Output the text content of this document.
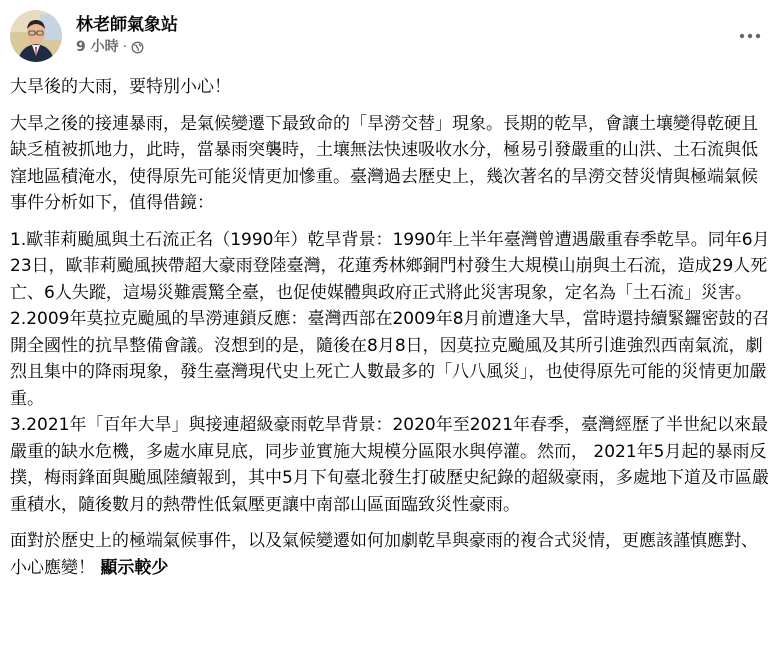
林老師氣象站
9 小時 ·

大旱後的大雨，要特別小心！

大旱之後的接連暴雨，是氣候變遷下最致命的「旱澇交替」現象。長期的乾旱，會讓土壤變得乾硬且缺乏植被抓地力，此時，當暴雨突襲時，土壤無法快速吸收水分，極易引發嚴重的山洪、土石流與低窪地區積淹水，使得原先可能災情更加慘重。臺灣過去歷史上，幾次著名的旱澇交替災情與極端氣候事件分析如下，值得借鏡：

1.歐菲莉颱風與土石流正名（1990年）乾旱背景：1990年上半年臺灣曾遭遇嚴重春季乾旱。同年6月23日，歐菲莉颱風挾帶超大豪雨登陸臺灣，花蓮秀林鄉銅門村發生大規模山崩與土石流，造成29人死亡、6人失蹤，這場災難震驚全臺，也促使媒體與政府正式將此災害現象，定名為「土石流」災害。

2.2009年莫拉克颱風的旱澇連鎖反應：臺灣西部在2009年8月前遭逢大旱，當時還持續緊鑼密鼓的召開全國性的抗旱整備會議。沒想到的是，隨後在8月8日，因莫拉克颱風及其所引進強烈西南氣流，劇烈且集中的降雨現象，發生臺灣現代史上死亡人數最多的「八八風災」，也使得原先可能的災情更加嚴重。

3.2021年「百年大旱」與接連超級豪雨乾旱背景：2020年至2021年春季，臺灣經歷了半世紀以來最嚴重的缺水危機，多處水庫見底，同步並實施大規模分區限水與停灌。然而， 2021年5月起的暴雨反撲，梅雨鋒面與颱風陸續報到，其中5月下旬臺北發生打破歷史紀錄的超級豪雨，多處地下道及市區嚴重積水，隨後數月的熱帶性低氣壓更讓中南部山區面臨致災性豪雨。

面對於歷史上的極端氣候事件，以及氣候變遷如何加劇乾旱與豪雨的複合式災情，更應該謹慎應對、小心應變！ 顯示較少
